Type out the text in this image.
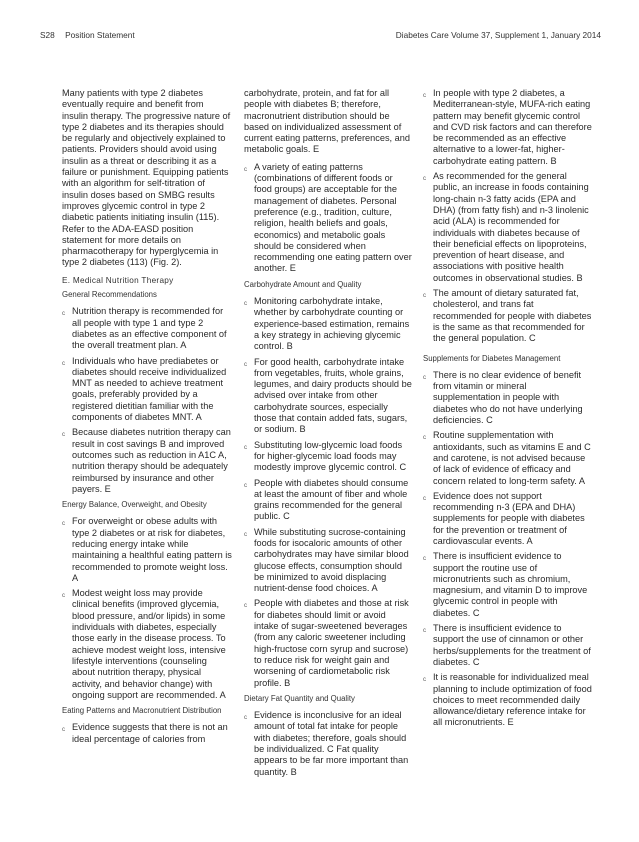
S28 Position Statement	Diabetes Care Volume 37, Supplement 1, January 2014

Many patients with type 2 diabetes eventually require and benefit from insulin therapy. The progressive nature of type 2 diabetes and its therapies should be regularly and objectively explained to patients. Providers should avoid using insulin as a threat or describing it as a failure or punishment. Equipping patients with an algorithm for self-titration of insulin doses based on SMBG results improves glycemic control in type 2 diabetic patients initiating insulin (115). Refer to the ADA-EASD position statement for more details on pharmacotherapy for hyperglycemia in type 2 diabetes (113) (Fig. 2).

E. Medical Nutrition Therapy
General Recommendations
c Nutrition therapy is recommended for all people with type 1 and type 2 diabetes as an effective component of the overall treatment plan. A
c Individuals who have prediabetes or diabetes should receive individualized MNT as needed to achieve treatment goals, preferably provided by a registered dietitian familiar with the components of diabetes MNT. A
c Because diabetes nutrition therapy can result in cost savings B and improved outcomes such as reduction in A1C A, nutrition therapy should be adequately reimbursed by insurance and other payers. E
Energy Balance, Overweight, and Obesity
c For overweight or obese adults with type 2 diabetes or at risk for diabetes, reducing energy intake while maintaining a healthful eating pattern is recommended to promote weight loss. A
c Modest weight loss may provide clinical benefits (improved glycemia, blood pressure, and/or lipids) in some individuals with diabetes, especially those early in the disease process. To achieve modest weight loss, intensive lifestyle interventions (counseling about nutrition therapy, physical activity, and behavior change) with ongoing support are recommended. A
Eating Patterns and Macronutrient Distribution
c Evidence suggests that there is not an ideal percentage of calories from

carbohydrate, protein, and fat for all people with diabetes B; therefore, macronutrient distribution should be based on individualized assessment of current eating patterns, preferences, and metabolic goals. E

c A variety of eating patterns (combinations of different foods or food groups) are acceptable for the management of diabetes. Personal preference (e.g., tradition, culture, religion, health beliefs and goals, economics) and metabolic goals should be considered when recommending one eating pattern over another. E
Carbohydrate Amount and Quality
c Monitoring carbohydrate intake, whether by carbohydrate counting or experience-based estimation, remains a key strategy in achieving glycemic control. B
c For good health, carbohydrate intake from vegetables, fruits, whole grains, legumes, and dairy products should be advised over intake from other carbohydrate sources, especially those that contain added fats, sugars, or sodium. B
c Substituting low-glycemic load foods for higher-glycemic load foods may modestly improve glycemic control. C
c People with diabetes should consume at least the amount of fiber and whole grains recommended for the general public. C
c While substituting sucrose-containing foods for isocaloric amounts of other carbohydrates may have similar blood glucose effects, consumption should be minimized to avoid displacing nutrient-dense food choices. A
c People with diabetes and those at risk for diabetes should limit or avoid intake of sugar-sweetened beverages (from any caloric sweetener including high-fructose corn syrup and sucrose) to reduce risk for weight gain and worsening of cardiometabolic risk profile. B
Dietary Fat Quantity and Quality
c Evidence is inconclusive for an ideal amount of total fat intake for people with diabetes; therefore, goals should be individualized. C Fat quality appears to be far more important than quantity. B
c In people with type 2 diabetes, a Mediterranean-style, MUFA-rich eating pattern may benefit glycemic control and CVD risk factors and can therefore be recommended as an effective alternative to a lower-fat, higher-carbohydrate eating pattern. B
c As recommended for the general public, an increase in foods containing long-chain n-3 fatty acids (EPA and DHA) (from fatty fish) and n-3 linolenic acid (ALA) is recommended for individuals with diabetes because of their beneficial effects on lipoproteins, prevention of heart disease, and associations with positive health outcomes in observational studies. B
c The amount of dietary saturated fat, cholesterol, and trans fat recommended for people with diabetes is the same as that recommended for the general population. C
Supplements for Diabetes Management
c There is no clear evidence of benefit from vitamin or mineral supplementation in people with diabetes who do not have underlying deficiencies. C
c Routine supplementation with antioxidants, such as vitamins E and C and carotene, is not advised because of lack of evidence of efficacy and concern related to long-term safety. A
c Evidence does not support recommending n-3 (EPA and DHA) supplements for people with diabetes for the prevention or treatment of cardiovascular events. A
c There is insufficient evidence to support the routine use of micronutrients such as chromium, magnesium, and vitamin D to improve glycemic control in people with diabetes. C
c There is insufficient evidence to support the use of cinnamon or other herbs/supplements for the treatment of diabetes. C
c It is reasonable for individualized meal planning to include optimization of food choices to meet recommended daily allowance/dietary reference intake for all micronutrients. E
